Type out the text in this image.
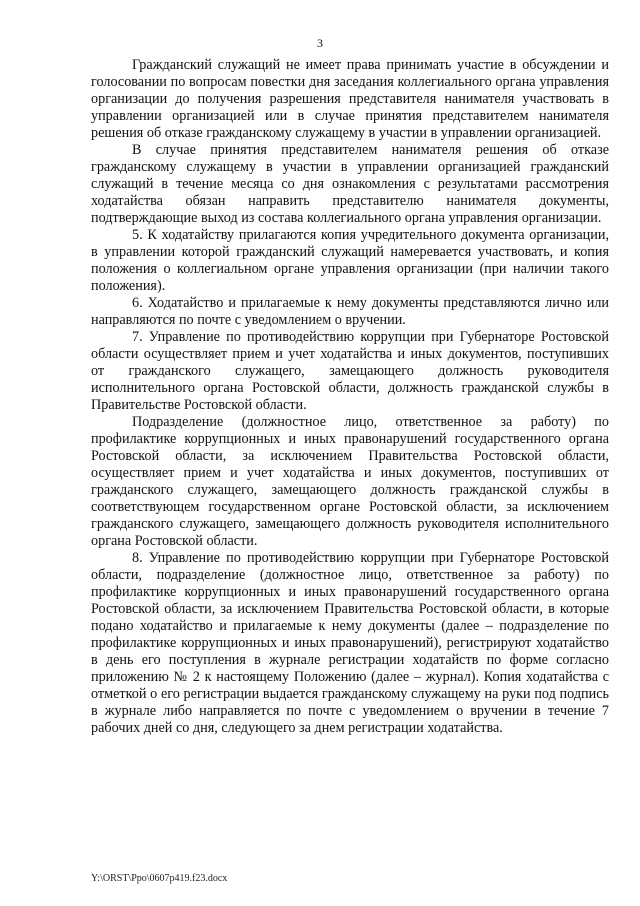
3

Гражданский служащий не имеет права принимать участие в обсуждении и голосовании по вопросам повестки дня заседания коллегиального органа управления организации до получения разрешения представителя нанимателя участвовать в управлении организацией или в случае принятия представителем нанимателя решения об отказе гражданскому служащему в участии в управлении организацией.

В случае принятия представителем нанимателя решения об отказе гражданскому служащему в участии в управлении организацией гражданский служащий в течение месяца со дня ознакомления с результатами рассмотрения ходатайства обязан направить представителю нанимателя документы, подтверждающие выход из состава коллегиального органа управления организации.

5. К ходатайству прилагаются копия учредительного документа организации, в управлении которой гражданский служащий намеревается участвовать, и копия положения о коллегиальном органе управления организации (при наличии такого положения).

6. Ходатайство и прилагаемые к нему документы представляются лично или направляются по почте с уведомлением о вручении.

7. Управление по противодействию коррупции при Губернаторе Ростовской области осуществляет прием и учет ходатайства и иных документов, поступивших от гражданского служащего, замещающего должность руководителя исполнительного органа Ростовской области, должность гражданской службы в Правительстве Ростовской области.

Подразделение (должностное лицо, ответственное за работу) по профилактике коррупционных и иных правонарушений государственного органа Ростовской области, за исключением Правительства Ростовской области, осуществляет прием и учет ходатайства и иных документов, поступивших от гражданского служащего, замещающего должность гражданской службы в соответствующем государственном органе Ростовской области, за исключением гражданского служащего, замещающего должность руководителя исполнительного органа Ростовской области.

8. Управление по противодействию коррупции при Губернаторе Ростовской области, подразделение (должностное лицо, ответственное за работу) по профилактике коррупционных и иных правонарушений государственного органа Ростовской области, за исключением Правительства Ростовской области, в которые подано ходатайство и прилагаемые к нему документы (далее – подразделение по профилактике коррупционных и иных правонарушений), регистрируют ходатайство в день его поступления в журнале регистрации ходатайств по форме согласно приложению № 2 к настоящему Положению (далее – журнал). Копия ходатайства с отметкой о его регистрации выдается гражданскому служащему на руки под подпись в журнале либо направляется по почте с уведомлением о вручении в течение 7 рабочих дней со дня, следующего за днем регистрации ходатайства.

Y:\ORST\Ppo\0607p419.f23.docx
